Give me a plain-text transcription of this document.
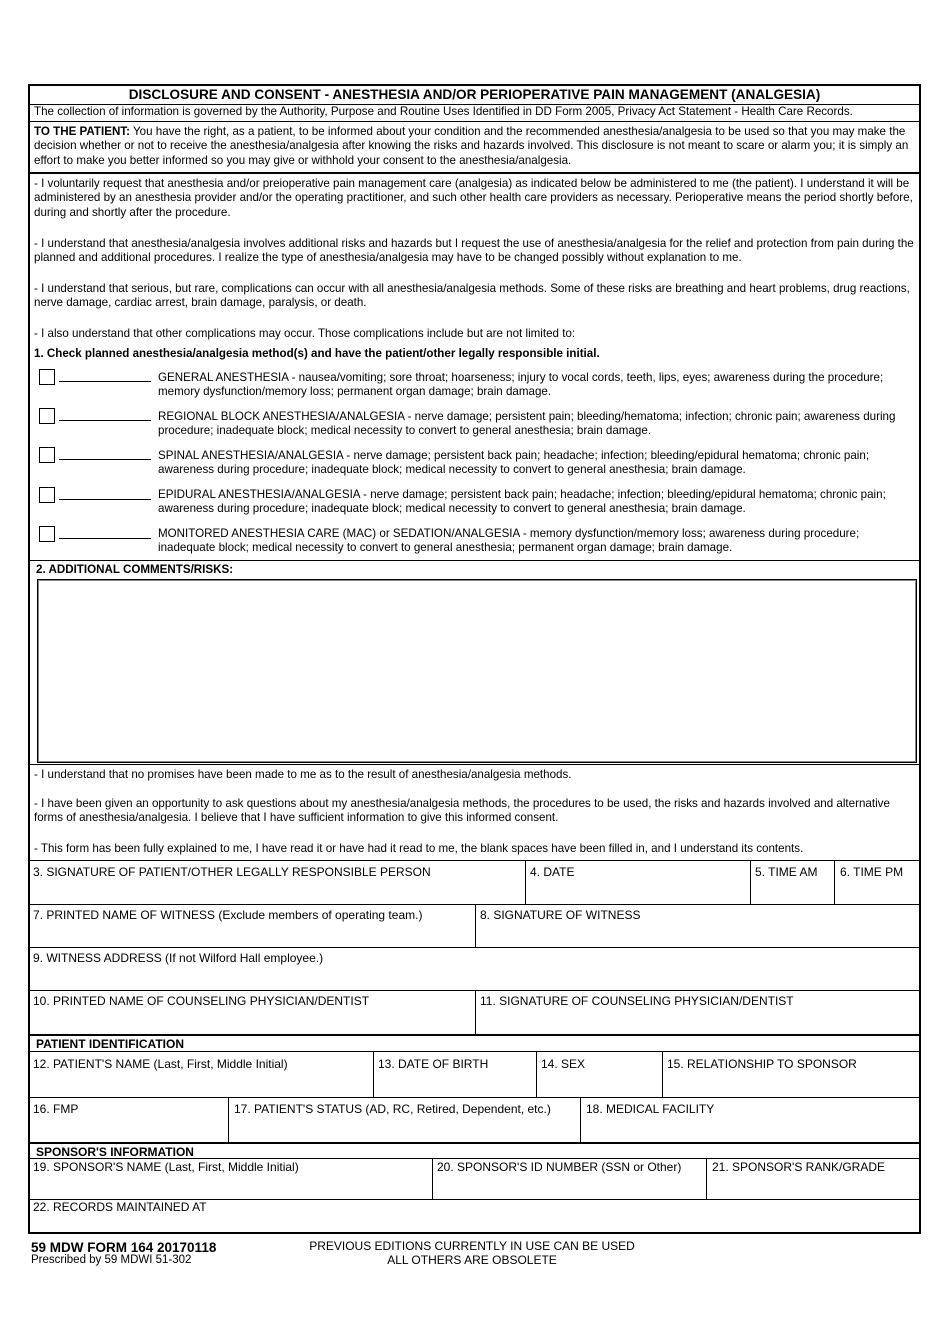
DISCLOSURE AND CONSENT - ANESTHESIA AND/OR PERIOPERATIVE PAIN MANAGEMENT (ANALGESIA)
The collection of information is governed by the Authority, Purpose and Routine Uses Identified in DD Form 2005, Privacy Act Statement - Health Care Records.
TO THE PATIENT: You have the right, as a patient, to be informed about your condition and the recommended anesthesia/analgesia to be used so that you may make the decision whether or not to receive the anesthesia/analgesia after knowing the risks and hazards involved. This disclosure is not meant to scare or alarm you; it is simply an effort to make you better informed so you may give or withhold your consent to the anesthesia/analgesia.
- I voluntarily request that anesthesia and/or preioperative pain management care (analgesia) as indicated below be administered to me (the patient). I understand it will be administered by an anesthesia provider and/or the operating practitioner, and such other health care providers as necessary. Perioperative means the period shortly before, during and shortly after the procedure.
- I understand that anesthesia/analgesia involves additional risks and hazards but I request the use of anesthesia/analgesia for the relief and protection from pain during the planned and additional procedures. I realize the type of anesthesia/analgesia may have to be changed possibly without explanation to me.
- I understand that serious, but rare, complications can occur with all anesthesia/analgesia methods. Some of these risks are breathing and heart problems, drug reactions, nerve damage, cardiac arrest, brain damage, paralysis, or death.
- I also understand that other complications may occur. Those complications include but are not limited to:
1. Check planned anesthesia/analgesia method(s) and have the patient/other legally responsible initial.
GENERAL ANESTHESIA - nausea/vomiting; sore throat; hoarseness; injury to vocal cords, teeth, lips, eyes; awareness during the procedure; memory dysfunction/memory loss; permanent organ damage; brain damage.
REGIONAL BLOCK ANESTHESIA/ANALGESIA - nerve damage; persistent pain; bleeding/hematoma; infection; chronic pain; awareness during procedure; inadequate block; medical necessity to convert to general anesthesia; brain damage.
SPINAL ANESTHESIA/ANALGESIA - nerve damage; persistent back pain; headache; infection; bleeding/epidural hematoma; chronic pain; awareness during procedure; inadequate block; medical necessity to convert to general anesthesia; brain damage.
EPIDURAL ANESTHESIA/ANALGESIA - nerve damage; persistent back pain; headache; infection; bleeding/epidural hematoma; chronic pain; awareness during procedure; inadequate block; medical necessity to convert to general anesthesia; brain damage.
MONITORED ANESTHESIA CARE (MAC) or SEDATION/ANALGESIA - memory dysfunction/memory loss; awareness during procedure; inadequate block; medical necessity to convert to general anesthesia; permanent organ damage; brain damage.
2. ADDITIONAL COMMENTS/RISKS:
- I understand that no promises have been made to me as to the result of anesthesia/analgesia methods.
- I have been given an opportunity to ask questions about my anesthesia/analgesia methods, the procedures to be used, the risks and hazards involved and alternative forms of anesthesia/analgesia. I believe that I have sufficient information to give this informed consent.
- This form has been fully explained to me, I have read it or have had it read to me, the blank spaces have been filled in, and I understand its contents.
3. SIGNATURE OF PATIENT/OTHER LEGALLY RESPONSIBLE PERSON	4. DATE	5. TIME AM 6. TIME PM
7. PRINTED NAME OF WITNESS (Exclude members of operating team.)	8. SIGNATURE OF WITNESS
9. WITNESS ADDRESS (If not Wilford Hall employee.)
10. PRINTED NAME OF COUNSELING PHYSICIAN/DENTIST	11. SIGNATURE OF COUNSELING PHYSICIAN/DENTIST
PATIENT IDENTIFICATION
12. PATIENT'S NAME (Last, First, Middle Initial)	13. DATE OF BIRTH	14. SEX	15. RELATIONSHIP TO SPONSOR
16. FMP	17. PATIENT'S STATUS (AD, RC, Retired, Dependent, etc.)	18. MEDICAL FACILITY
SPONSOR'S INFORMATION
19. SPONSOR'S NAME (Last, First, Middle Initial)	20. SPONSOR'S ID NUMBER (SSN or Other)	21. SPONSOR'S RANK/GRADE
22. RECORDS MAINTAINED AT
59 MDW FORM 164 20170118
Prescribed by 59 MDWI 51-302
PREVIOUS EDITIONS CURRENTLY IN USE CAN BE USED
ALL OTHERS ARE OBSOLETE
